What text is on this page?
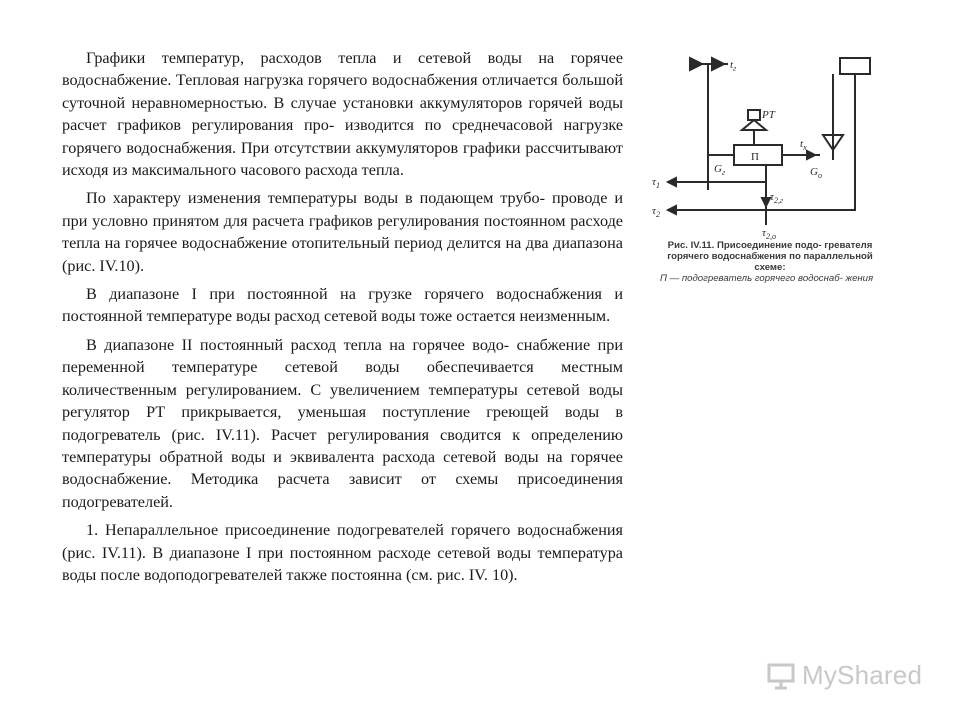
Графики температур, расходов тепла и сетевой воды на горячее водоснабжение. Тепловая нагрузка горячего водоснабжения отличается большой суточной неравномерностью. В случае установки аккумуляторов горячей воды расчет графиков регулирования про- изводится по среднечасовой нагрузке горячего водоснабжения. При отсутствии аккумуляторов графики рассчитывают исходя из максимального часового расхода тепла.

По характеру изменения температуры воды в подающем трубо- проводе и при условно принятом для расчета графиков регулирования постоянном расходе тепла на горячее водоснабжение отопительный период делится на два диапазона (рис. IV.10).

В диапазоне I при постоянной на грузке горячего водоснабжения и постоянной температуре воды расход сетевой воды тоже остается неизменным.

В диапазоне II постоянный расход тепла на горячее водо- снабжение при переменной температуре сетевой воды обеспечивается местным количественным регулированием. С увеличением температуры сетевой воды регулятор РТ прикрывается, уменьшая поступление греющей воды в подогреватель (рис. IV.11). Расчет регулирования сводится к определению температуры обратной воды и эквивалента расхода сетевой воды на горячее водоснабжение. Методика расчета зависит от схемы присоединения подогревателей.

1. Непараллельное присоединение подогревателей горячего водоснабжения (рис. IV.11). В диапазоне I при постоянном расходе сетевой воды температура воды после водоподогревателей также постоянна (см. рис. IV. 10).

$t_г$
РТ
П
$t_х$
$G_г$	$G_о$
$\tau_1$
$\tau_2$
$\tau_{2,г}$
$\tau_{2,о}$
Рис. IV.11. Присоединение подо- гревателя горячего водоснабжения по параллельной схеме:
П — подогреватель горячего водоснаб- жения
MyShared
